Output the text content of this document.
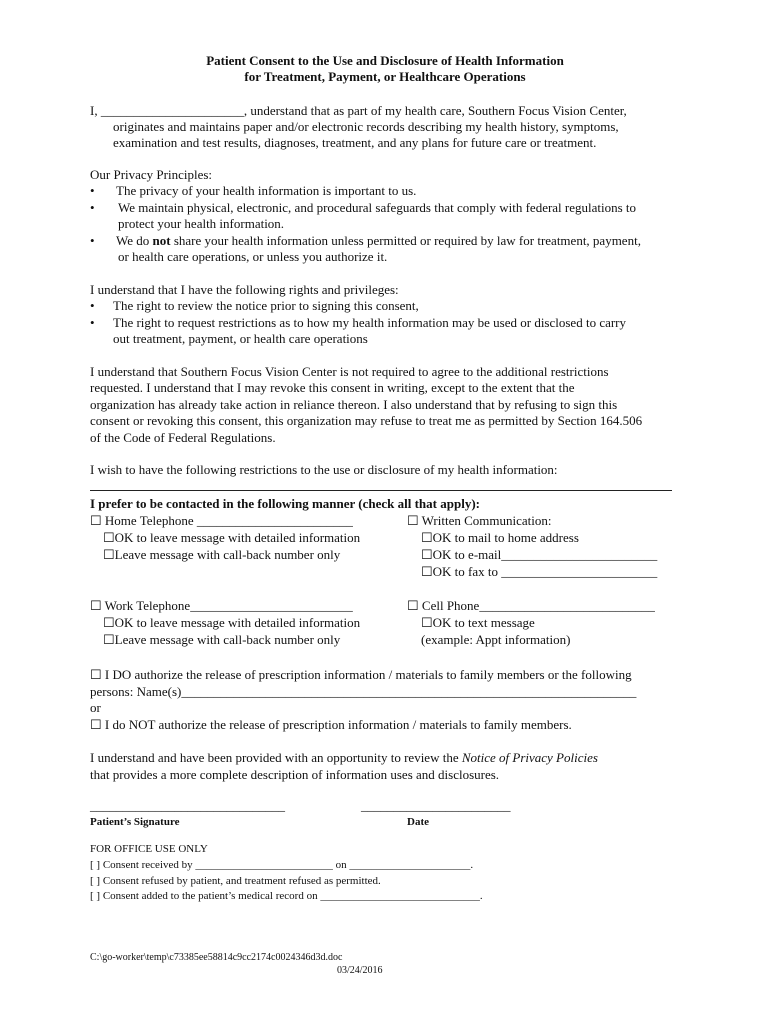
Patient Consent to the Use and Disclosure of Health Information
for Treatment, Payment, or Healthcare Operations
I, ______________________, understand that as part of my health care, Southern Focus Vision Center,
originates and maintains paper and/or electronic records describing my health history, symptoms,
examination and test results, diagnoses, treatment, and any plans for future care or treatment.
Our Privacy Principles:
• The privacy of your health information is important to us.
• We maintain physical, electronic, and procedural safeguards that comply with federal regulations to
protect your health information.
• We do not share your health information unless permitted or required by law for treatment, payment,
or health care operations, or unless you authorize it.
I understand that I have the following rights and privileges:
• The right to review the notice prior to signing this consent,
• The right to request restrictions as to how my health information may be used or disclosed to carry
out treatment, payment, or health care operations
I understand that Southern Focus Vision Center is not required to agree to the additional restrictions
requested. I understand that I may revoke this consent in writing, except to the extent that the
organization has already take action in reliance thereon. I also understand that by refusing to sign this
consent or revoking this consent, this organization may refuse to treat me as permitted by Section 164.506
of the Code of Federal Regulations.
I wish to have the following restrictions to the use or disclosure of my health information:
I prefer to be contacted in the following manner (check all that apply):
☐ Home Telephone ________________________
☐OK to leave message with detailed information
☐Leave message with call-back number only
☐ Written Communication:
☐OK to mail to home address
☐OK to e-mail________________________
☐OK to fax to ________________________
☐ Work Telephone_________________________
☐OK to leave message with detailed information
☐Leave message with call-back number only
☐ Cell Phone___________________________
☐OK to text message
(example: Appt information)
☐ I DO authorize the release of prescription information / materials to family members or the following
persons: Name(s)______________________________________________________________________
or
☐ I do NOT authorize the release of prescription information / materials to family members.
I understand and have been provided with an opportunity to review the Notice of Privacy Policies
that provides a more complete description of information uses and disclosures.
______________________________	_______________________
Patient’s Signature	Date
FOR OFFICE USE ONLY
[ ] Consent received by _________________________ on ______________________.
[ ] Consent refused by patient, and treatment refused as permitted.
[ ] Consent added to the patient’s medical record on _____________________________.
C:\go-worker\temp\c73385ee58814c9cc2174c0024346d3d.doc
03/24/2016
